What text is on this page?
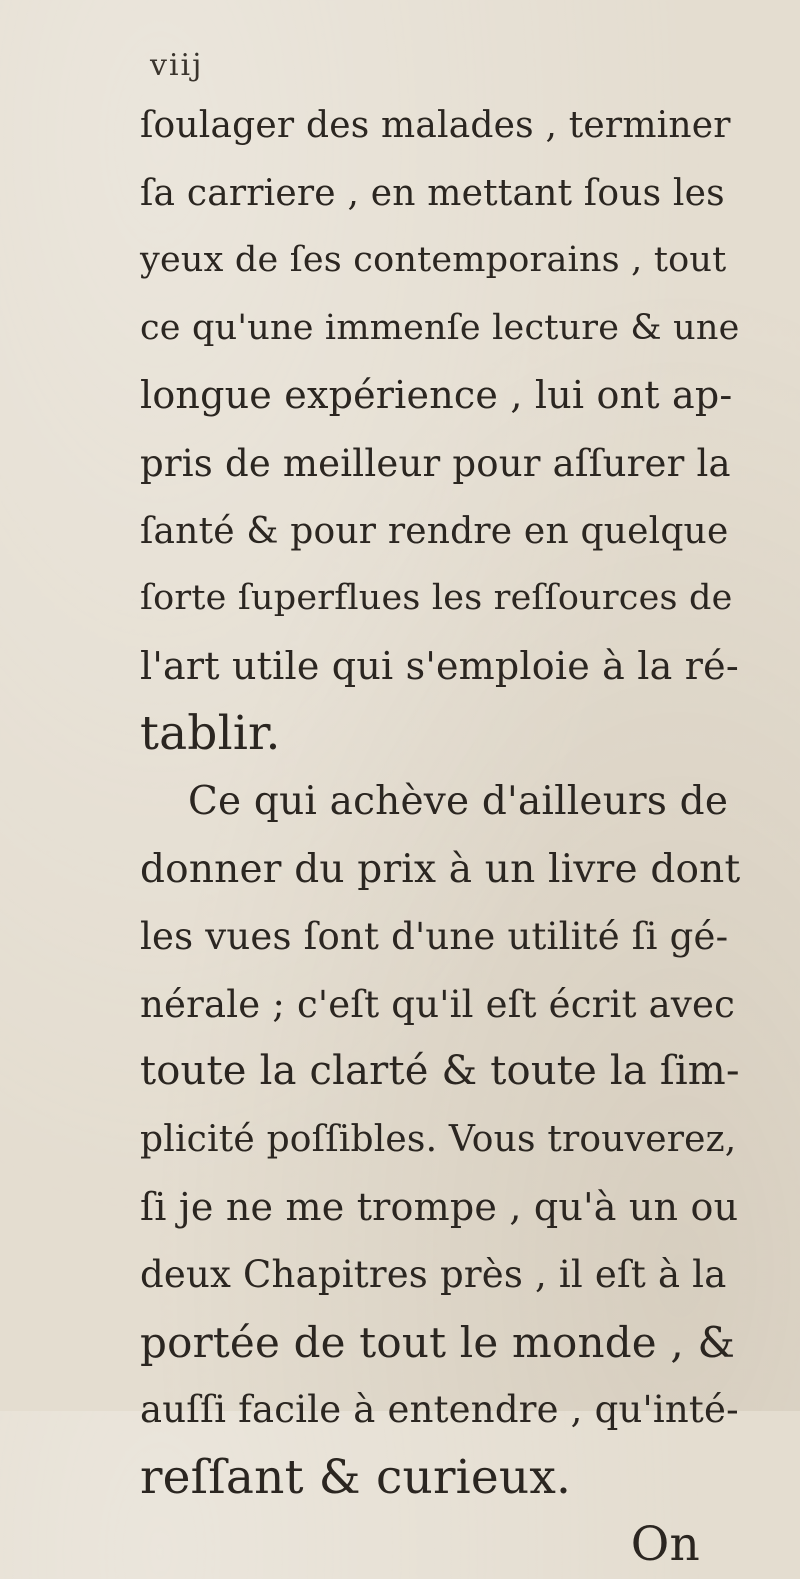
viij
ſoulager des malades , terminer
ſa carriere , en mettant ſous les
yeux de ſes contemporains , tout
ce qu'une immenſe lecture & une
longue expérience , lui ont ap-
pris de meilleur pour aſſurer la
ſanté & pour rendre en quelque
ſorte ſuperflues les reſſources de
l'art utile qui s'emploie à la ré-
tablir.
Ce qui achève d'ailleurs de
donner du prix à un livre dont
les vues ſont d'une utilité ſi gé-
nérale ; c'eſt qu'il eſt écrit avec
toute la clarté & toute la ſim-
plicité poſſibles. Vous trouverez,
ſi je ne me trompe , qu'à un ou
deux Chapitres près , il eſt à la
portée de tout le monde , &
auſſi facile à entendre , qu'inté-
reſſant & curieux.
On
